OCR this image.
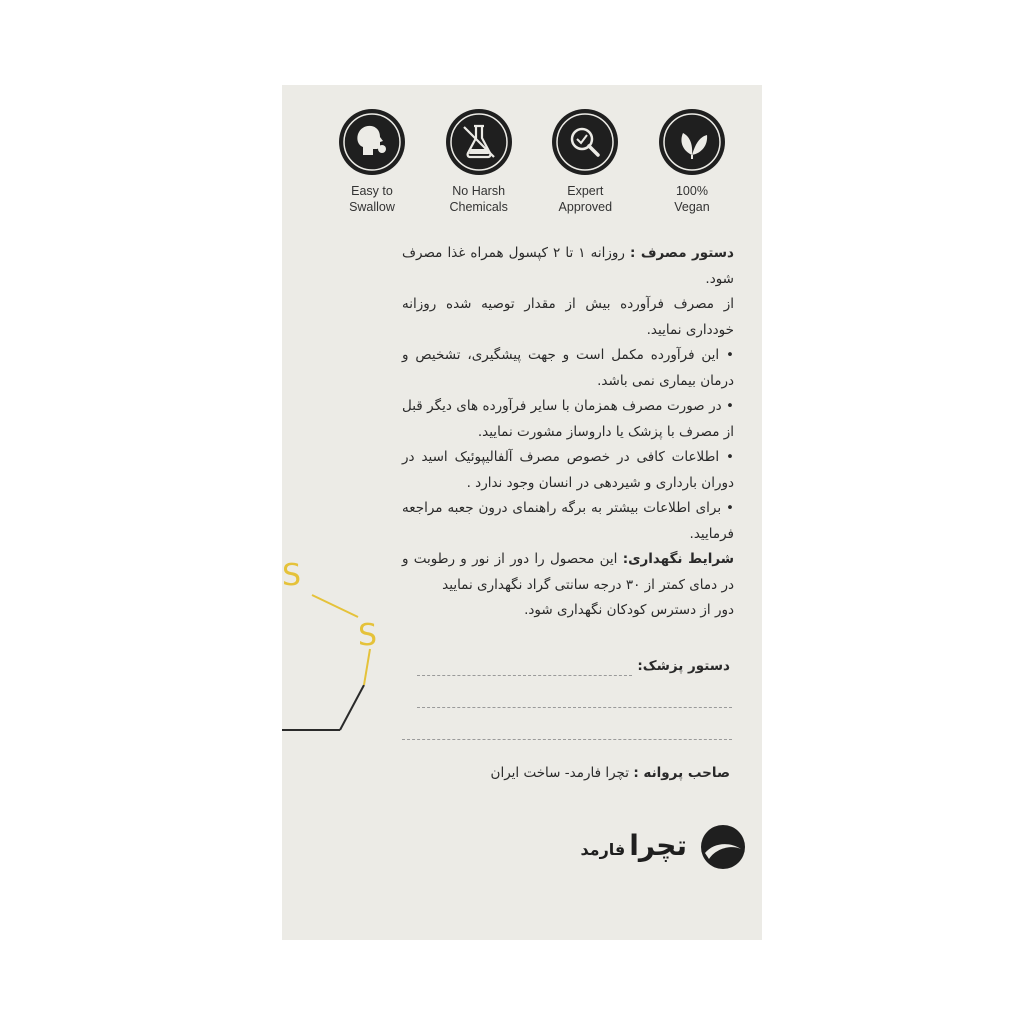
S
S
Easy to
Swallow
No Harsh
Chemicals
Expert
Approved
100%
Vegan

دستور مصرف : روزانه ۱ تا ۲ کپسول همراه غذا مصرف شود.

از مصرف فرآورده بیش از مقدار توصیه شده روزانه خودداری نمایید.

• این فرآورده مکمل است و جهت پیشگیری، تشخیص و درمان بیماری نمی باشد.

• در صورت مصرف همزمان با سایر فرآورده های دیگر قبل از مصرف با پزشک یا داروساز مشورت نمایید.

• اطلاعات کافی در خصوص مصرف آلفالیپوئیک اسید در دوران بارداری و شیردهی در انسان وجود ندارد .

• برای اطلاعات بیشتر به برگه راهنمای درون جعبه مراجعه فرمایید.

شرایط نگهداری: این محصول را دور از نور و رطوبت و در دمای کمتر از ۳۰ درجه سانتی گراد نگهداری نمایید

دور از دسترس کودکان نگهداری شود.

دستور پزشک:
صاحب پروانه : تچرا فارمد- ساخت ایران
تچرافارمد
